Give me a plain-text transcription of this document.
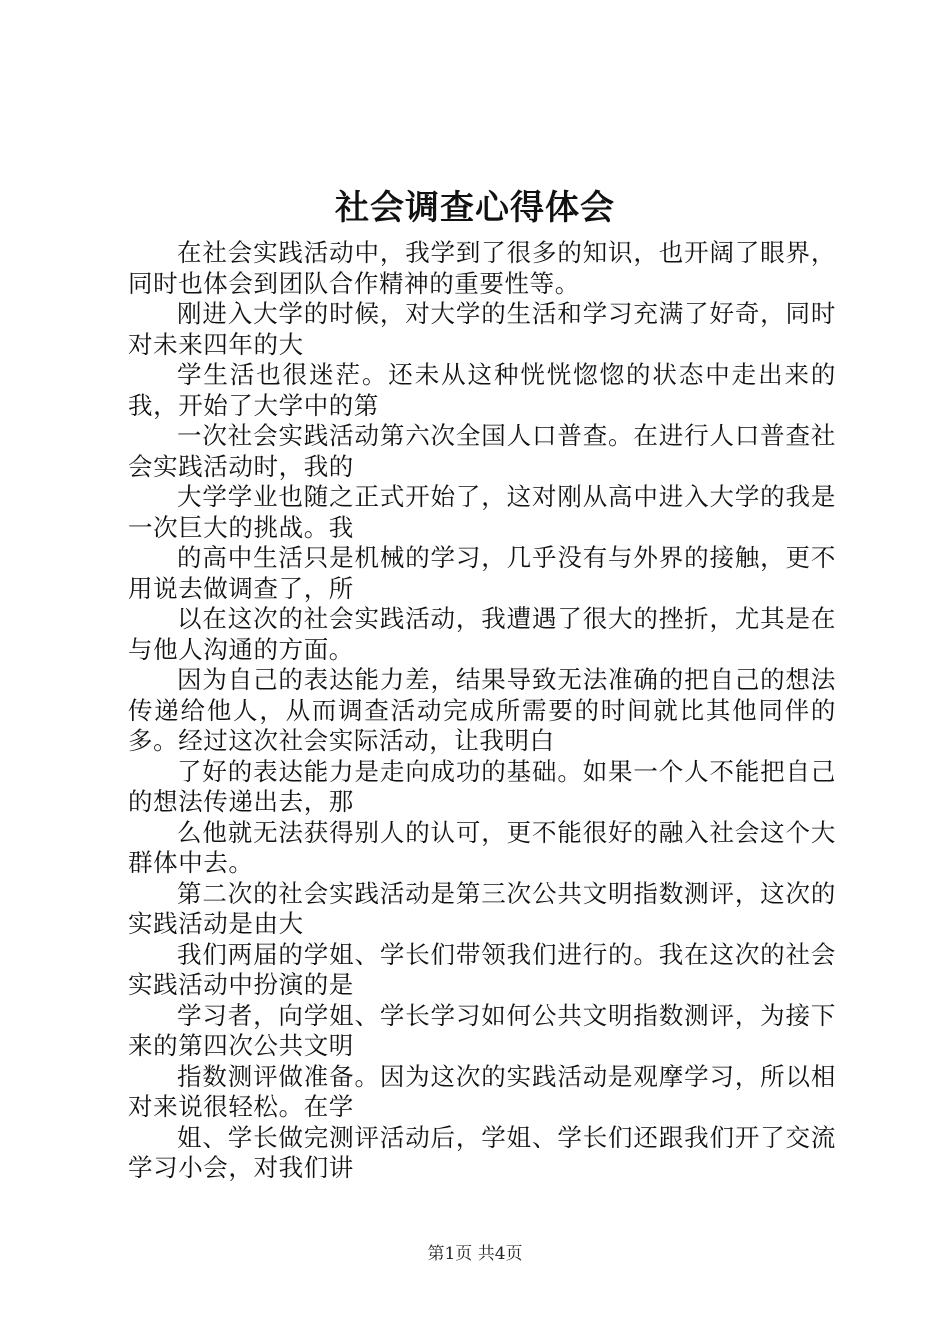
社会调查心得体会

在社会实践活动中，我学到了很多的知识，也开阔了眼界，同时也体会到团队合作精神的重要性等。

刚进入大学的时候，对大学的生活和学习充满了好奇，同时对未来四年的大

学生活也很迷茫。还未从这种恍恍惚惚的状态中走出来的我，开始了大学中的第

一次社会实践活动第六次全国人口普查。在进行人口普查社会实践活动时，我的

大学学业也随之正式开始了，这对刚从高中进入大学的我是一次巨大的挑战。我

的高中生活只是机械的学习，几乎没有与外界的接触，更不用说去做调查了，所

以在这次的社会实践活动，我遭遇了很大的挫折，尤其是在与他人沟通的方面。

因为自己的表达能力差，结果导致无法准确的把自己的想法传递给他人，从而调查活动完成所需要的时间就比其他同伴的多。经过这次社会实际活动，让我明白

了好的表达能力是走向成功的基础。如果一个人不能把自己的想法传递出去，那

么他就无法获得别人的认可，更不能很好的融入社会这个大群体中去。

第二次的社会实践活动是第三次公共文明指数测评，这次的实践活动是由大

我们两届的学姐、学长们带领我们进行的。我在这次的社会实践活动中扮演的是

学习者，向学姐、学长学习如何公共文明指数测评，为接下来的第四次公共文明

指数测评做准备。因为这次的实践活动是观摩学习，所以相对来说很轻松。在学

姐、学长做完测评活动后，学姐、学长们还跟我们开了交流学习小会，对我们讲

第1页 共4页
